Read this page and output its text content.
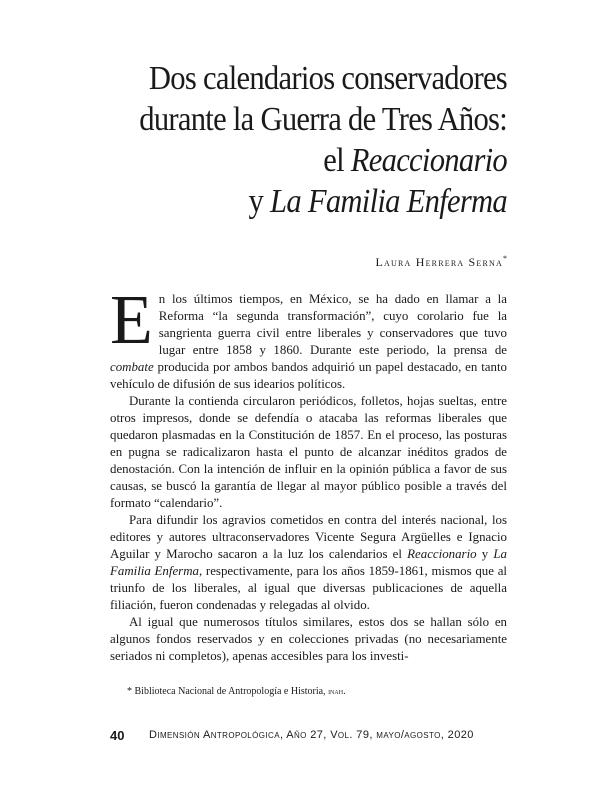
Dos calendarios conservadores
durante la Guerra de Tres Años:
el Reaccionario
y La Familia Enferma
Laura Herrera Serna*

En los últimos tiempos, en México, se ha dado en llamar a la Reforma “la segunda transformación”, cuyo corolario fue la sangrienta guerra civil entre liberales y conservadores que tuvo lugar entre 1858 y 1860. Durante este periodo, la prensa de combate producida por ambos bandos adquirió un papel destacado, en tanto vehículo de difusión de sus idearios políticos.

Durante la contienda circularon periódicos, folletos, hojas sueltas, entre otros impresos, donde se defendía o atacaba las reformas liberales que quedaron plasmadas en la Constitución de 1857. En el proceso, las posturas en pugna se radicalizaron hasta el punto de alcanzar inéditos grados de denostación. Con la intención de influir en la opinión pública a favor de sus causas, se buscó la garantía de llegar al mayor público posible a través del formato “calendario”.

Para difundir los agravios cometidos en contra del interés nacional, los editores y autores ultraconservadores Vicente Segura Argüelles e Ignacio Aguilar y Marocho sacaron a la luz los calendarios el Reaccionario y La Familia Enferma, respectivamente, para los años 1859-1861, mismos que al triunfo de los liberales, al igual que diversas publicaciones de aquella filiación, fueron condenadas y relegadas al olvido.

Al igual que numerosos títulos similares, estos dos se hallan sólo en algunos fondos reservados y en colecciones privadas (no necesariamente seriados ni completos), apenas accesibles para los investi-

* Biblioteca Nacional de Antropología e Historia, inah.
40 Dimensión Antropológica, Año 27, Vol. 79, mayo/agosto, 2020
